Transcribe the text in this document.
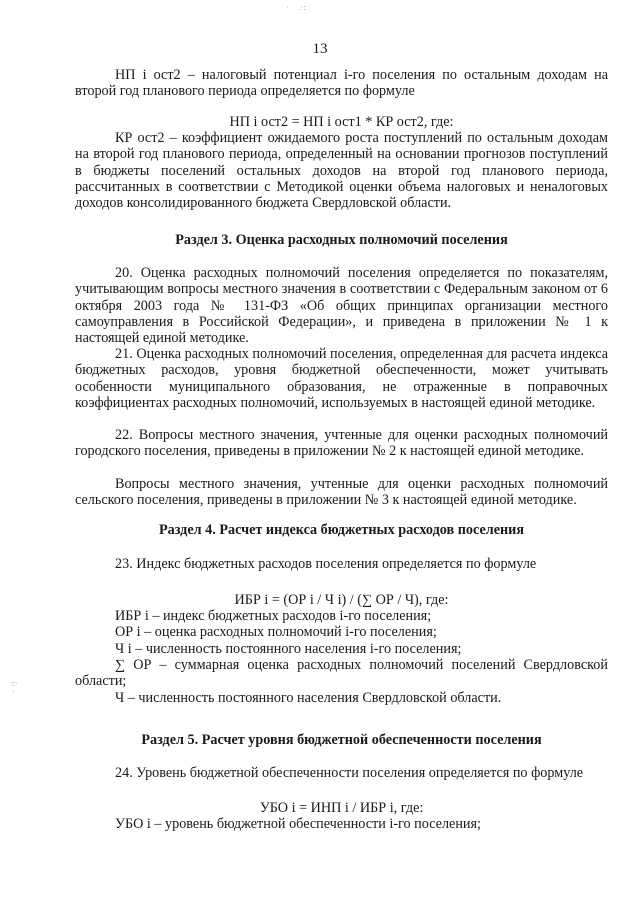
·     .·:
·:·
·
13
НП i ост2 – налоговый потенциал i-го поселения по остальным доходам на второй год планового периода определяется по формуле
НП i ост2 = НП i ост1 * КР ост2, где:
КР ост2 – коэффициент ожидаемого роста поступлений по остальным доходам на второй год планового периода, определенный на основании прогнозов поступлений в бюджеты поселений остальных доходов на второй год планового периода, рассчитанных в соответствии с Методикой оценки объема налоговых и неналоговых доходов консолидированного бюджета Свердловской области.
Раздел 3. Оценка расходных полномочий поселения
20. Оценка расходных полномочий поселения определяется по показателям, учитывающим вопросы местного значения в соответствии с Федеральным законом от 6 октября 2003 года № 131-ФЗ «Об общих принципах организации местного самоуправления в Российской Федерации», и приведена в приложении № 1 к настоящей единой методике.
21. Оценка расходных полномочий поселения, определенная для расчета индекса бюджетных расходов, уровня бюджетной обеспеченности, может учитывать особенности муниципального образования, не отраженные в поправочных коэффициентах расходных полномочий, используемых в настоящей единой методике.
22. Вопросы местного значения, учтенные для оценки расходных полномочий городского поселения, приведены в приложении № 2 к настоящей единой методике.
Вопросы местного значения, учтенные для оценки расходных полномочий сельского поселения, приведены в приложении № 3 к настоящей единой методике.
Раздел 4. Расчет индекса бюджетных расходов поселения
23. Индекс бюджетных расходов поселения определяется по формуле
ИБР i = (ОР i / Ч i) / (∑ ОР / Ч), где:
ИБР i – индекс бюджетных расходов i-го поселения;
ОР i – оценка расходных полномочий i-го поселения;
Ч i – численность постоянного населения i-го поселения;
∑ ОР – суммарная оценка расходных полномочий поселений Свердловской области;
Ч – численность постоянного населения Свердловской области.
Раздел 5. Расчет уровня бюджетной обеспеченности поселения
24. Уровень бюджетной обеспеченности поселения определяется по формуле
УБО i = ИНП i / ИБР i, где:
УБО i – уровень бюджетной обеспеченности i-го поселения;
